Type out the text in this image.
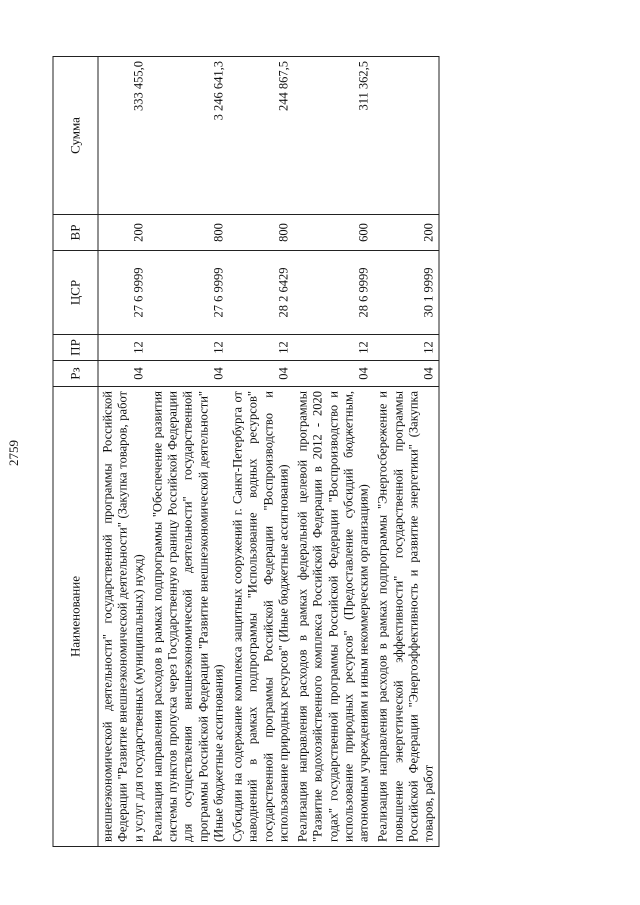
2759
Наименование	Рз	ПР	ЦСР	ВР	Сумма
внешнеэкономической деятельности" государственной программы Российской Федерации "Развитие внешнеэкономической деятельности" (Закупка товаров, работ и услуг для государственных (муниципальных) нужд)	04	12	27 6 9999	200	333 455,0
Реализация направления расходов в рамках подпрограммы "Обеспечение развития системы пунктов пропуска через Государственную границу Российской Федерации для осуществления внешнеэкономической деятельности" государственной программы Российской Федерации "Развитие внешнеэкономической деятельности" (Иные бюджетные ассигнования)	04	12	27 6 9999	800	3 246 641,3
Субсидии на содержание комплекса защитных сооружений г. Санкт-Петербурга от наводнений в рамках подпрограммы "Использование водных ресурсов" государственной программы Российской Федерации "Воспроизводство и использование природных ресурсов" (Иные бюджетные ассигнования)	04	12	28 2 6429	800	244 867,5
Реализация направления расходов в рамках федеральной целевой программы "Развитие водохозяйственного комплекса Российской Федерации в 2012 - 2020 годах" государственной программы Российской Федерации "Воспроизводство и использование природных ресурсов" (Предоставление субсидий бюджетным, автономным учреждениям и иным некоммерческим организациям)	04	12	28 6 9999	600	311 362,5
Реализация направления расходов в рамках подпрограммы "Энергосбережение и повышение энергетической эффективности" государственной программы Российской Федерации "Энергоэффективность и развитие энергетики" (Закупка товаров, работ	04	12	30 1 9999	200	
